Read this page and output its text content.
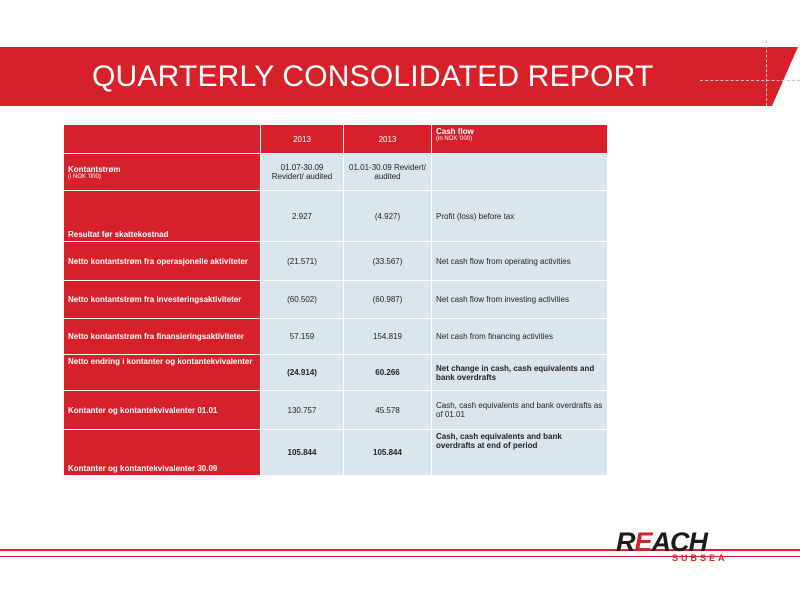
QUARTERLY CONSOLIDATED REPORT
	2013	2013	Cash flow
(in NOK '000)

Kontantstrøm
(i NOK '000)	01.07-30.09 Revidert/ audited	01.01-30.09 Revidert/ audited	
Resultat før skattekostnad	2.927	(4.927)	Profit (loss) before tax
Netto kontantstrøm fra operasjonelle aktiviteter	(21.571)	(33.567)	Net cash flow from operating activities
Netto kontantstrøm fra investeringsaktiviteter	(60.502)	(60.987)	Net cash flow from investing activities
Netto kontantstrøm fra finansieringsaktiviteter	57.159	154.819	Net cash from financing activities
Netto endring i kontanter og kontantekvivalenter	(24.914)	60.266	Net change in cash, cash equivalents and bank overdrafts
Kontanter og kontantekvivalenter 01.01	130.757	45.578	Cash, cash equivalents and bank overdrafts as of 01.01
Kontanter og kontantekvivalenter 30.09	105.844	105.844	Cash, cash equivalents and bank overdrafts at end of period
REACH
SUBSEA
